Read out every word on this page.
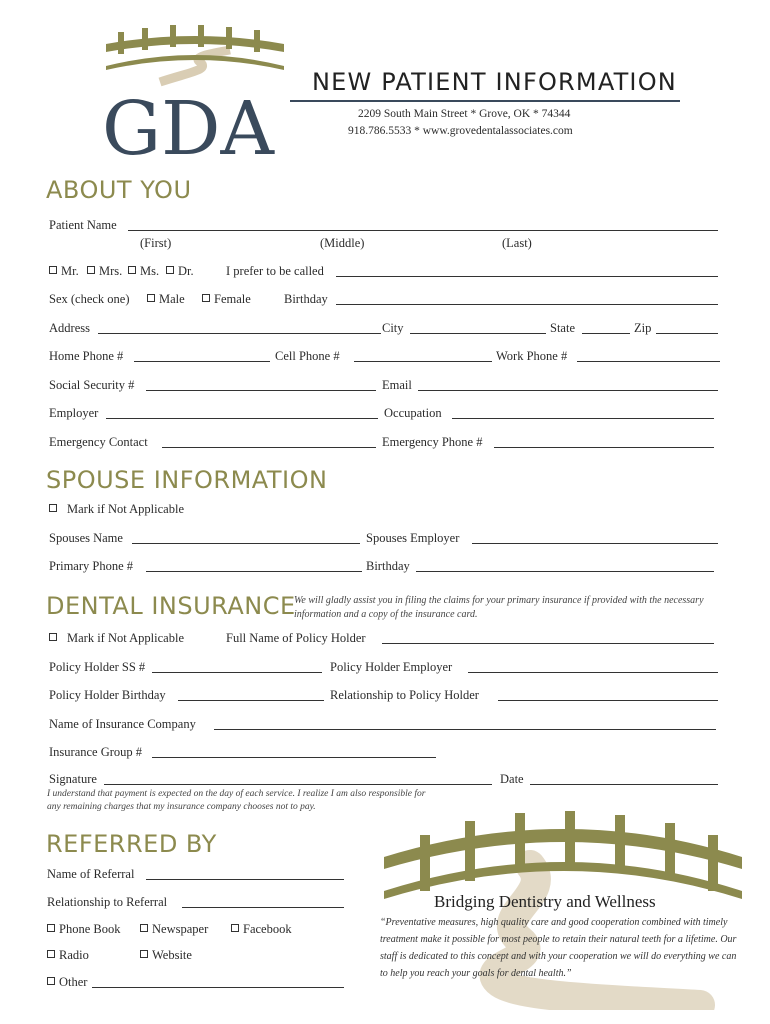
GDA
NEW PATIENT INFORMATION
2209 South Main Street * Grove, OK * 74344
918.786.5533 * www.grovedentalassociates.com
ABOUT YOU
Patient Name
(First)	(Middle)	(Last)
Mr.	Mrs.	Ms.	Dr.	I prefer to be called
Sex (check one)	Male	Female	Birthday
Address	City	State	Zip
Home Phone #	Cell Phone #	Work Phone #
Social Security #	Email
Employer	Occupation
Emergency Contact	Emergency Phone #
SPOUSE INFORMATION
Mark if Not Applicable
Spouses Name	Spouses Employer
Primary Phone #	Birthday
DENTAL INSURANCE
We will gladly assist you in filing the claims for your primary insurance if provided with the necessary information and a copy of the insurance card.
Mark if Not Applicable	Full Name of Policy Holder
Policy Holder SS #	Policy Holder Employer
Policy Holder Birthday	Relationship to Policy Holder
Name of Insurance Company
Insurance Group #
Signature	Date
I understand that payment is expected on the day of each service. I realize I am also responsible for any remaining charges that my insurance company chooses not to pay.
REFERRED BY
Name of Referral
Relationship to Referral
Phone Book	Newspaper	Facebook
Radio	Website
Other
Bridging Dentistry and Wellness
“Preventative measures, high quality care and good cooperation combined with timely treatment make it possible for most people to retain their natural teeth for a lifetime. Our staff is dedicated to this concept and with your cooperation we will do everything we can to help you reach your goals for dental health.”
